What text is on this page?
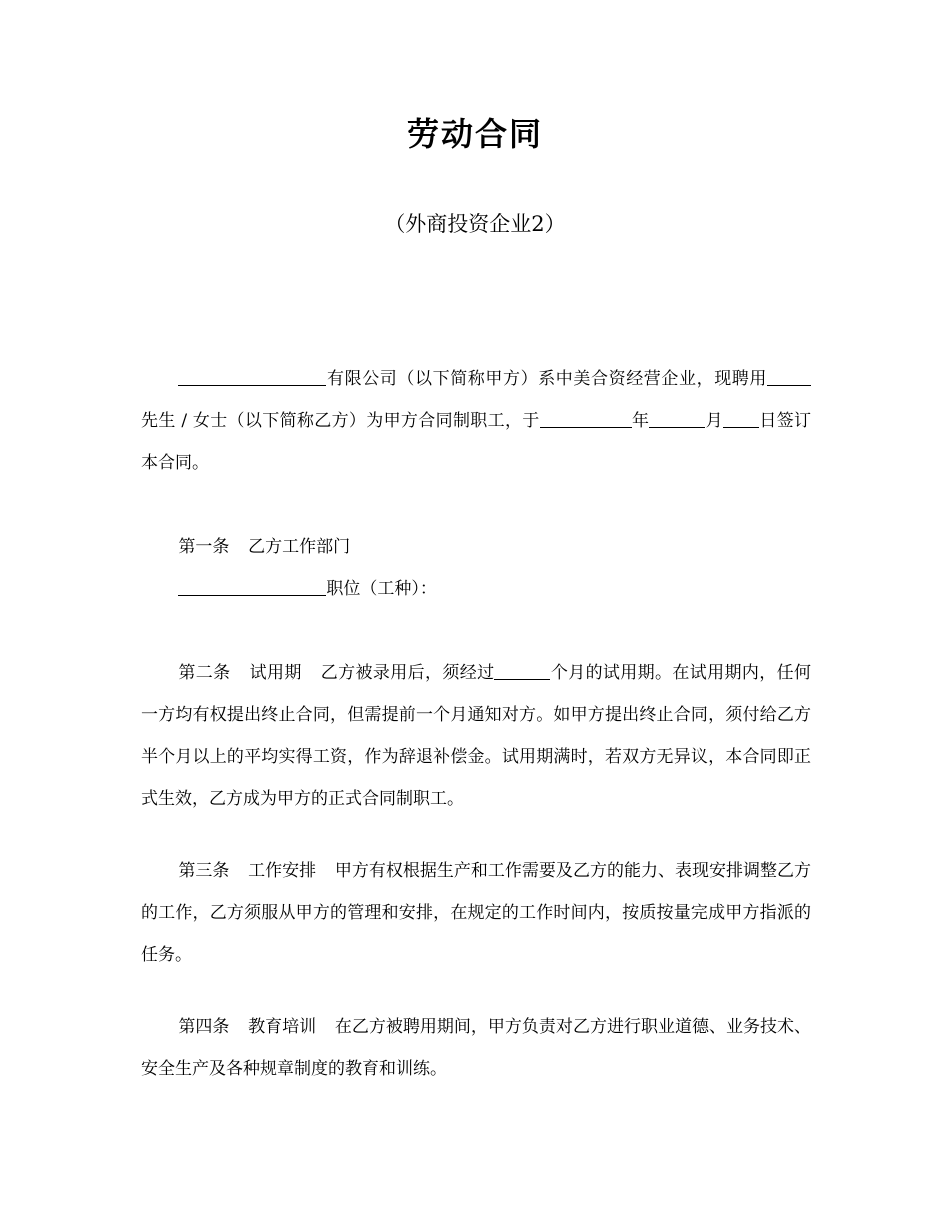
劳动合同
（外商投资企业2）

有限公司（以下简称甲方）系中美合资经营企业，现聘用先生 / 女士（以下简称乙方）为甲方合同制职工，于	年	月 日签订本合同。

第一条 乙方工作部门

职位（工种）：

第二条 试用期 乙方被录用后，须经过	个月的试用期。在试用期内，任何一方均有权提出终止合同，但需提前一个月通知对方。如甲方提出终止合同，须付给乙方半个月以上的平均实得工资，作为辞退补偿金。试用期满时，若双方无异议，本合同即正式生效，乙方成为甲方的正式合同制职工。

第三条 工作安排 甲方有权根据生产和工作需要及乙方的能力、表现安排调整乙方的工作，乙方须服从甲方的管理和安排，在规定的工作时间内，按质按量完成甲方指派的任务。

第四条 教育培训 在乙方被聘用期间，甲方负责对乙方进行职业道德、业务技术、安全生产及各种规章制度的教育和训练。
